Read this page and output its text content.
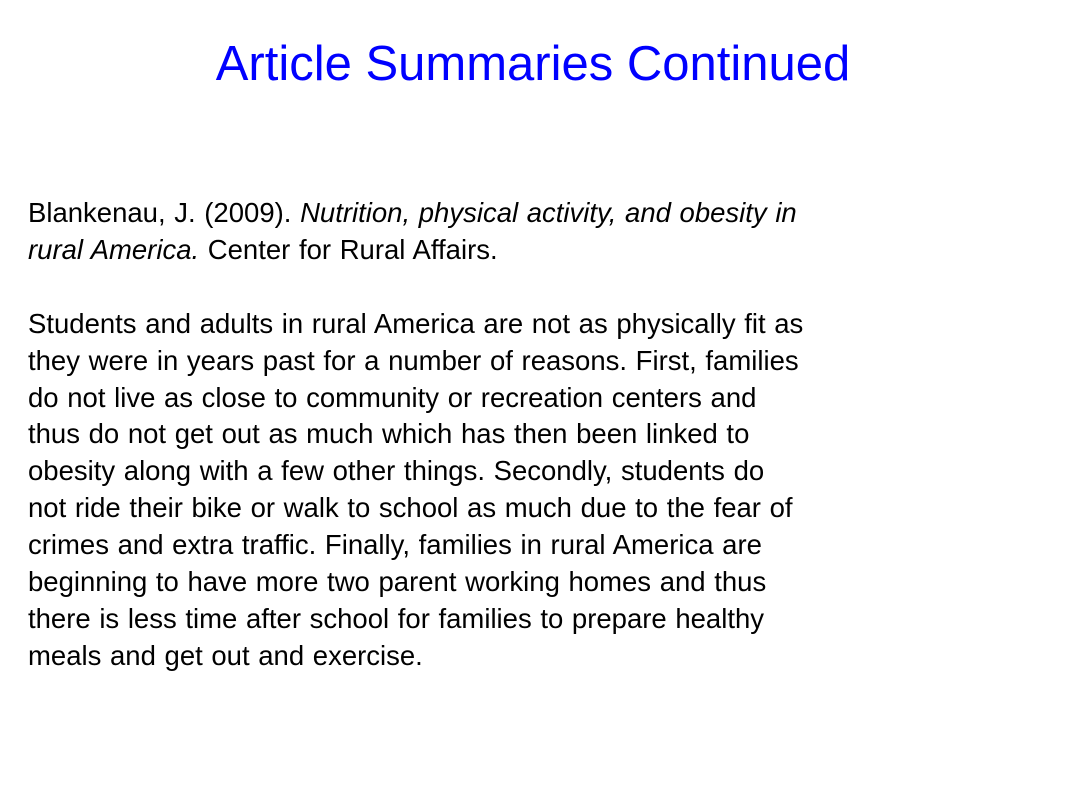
Article Summaries Continued

Blankenau, J. (2009). Nutrition, physical activity, and obesity in
rural America. Center for Rural Affairs.

Students and adults in rural America are not as physically fit as
they were in years past for a number of reasons. First, families
do not live as close to community or recreation centers and
thus do not get out as much which has then been linked to
obesity along with a few other things. Secondly, students do
not ride their bike or walk to school as much due to the fear of
crimes and extra traffic. Finally, families in rural America are
beginning to have more two parent working homes and thus
there is less time after school for families to prepare healthy
meals and get out and exercise.
